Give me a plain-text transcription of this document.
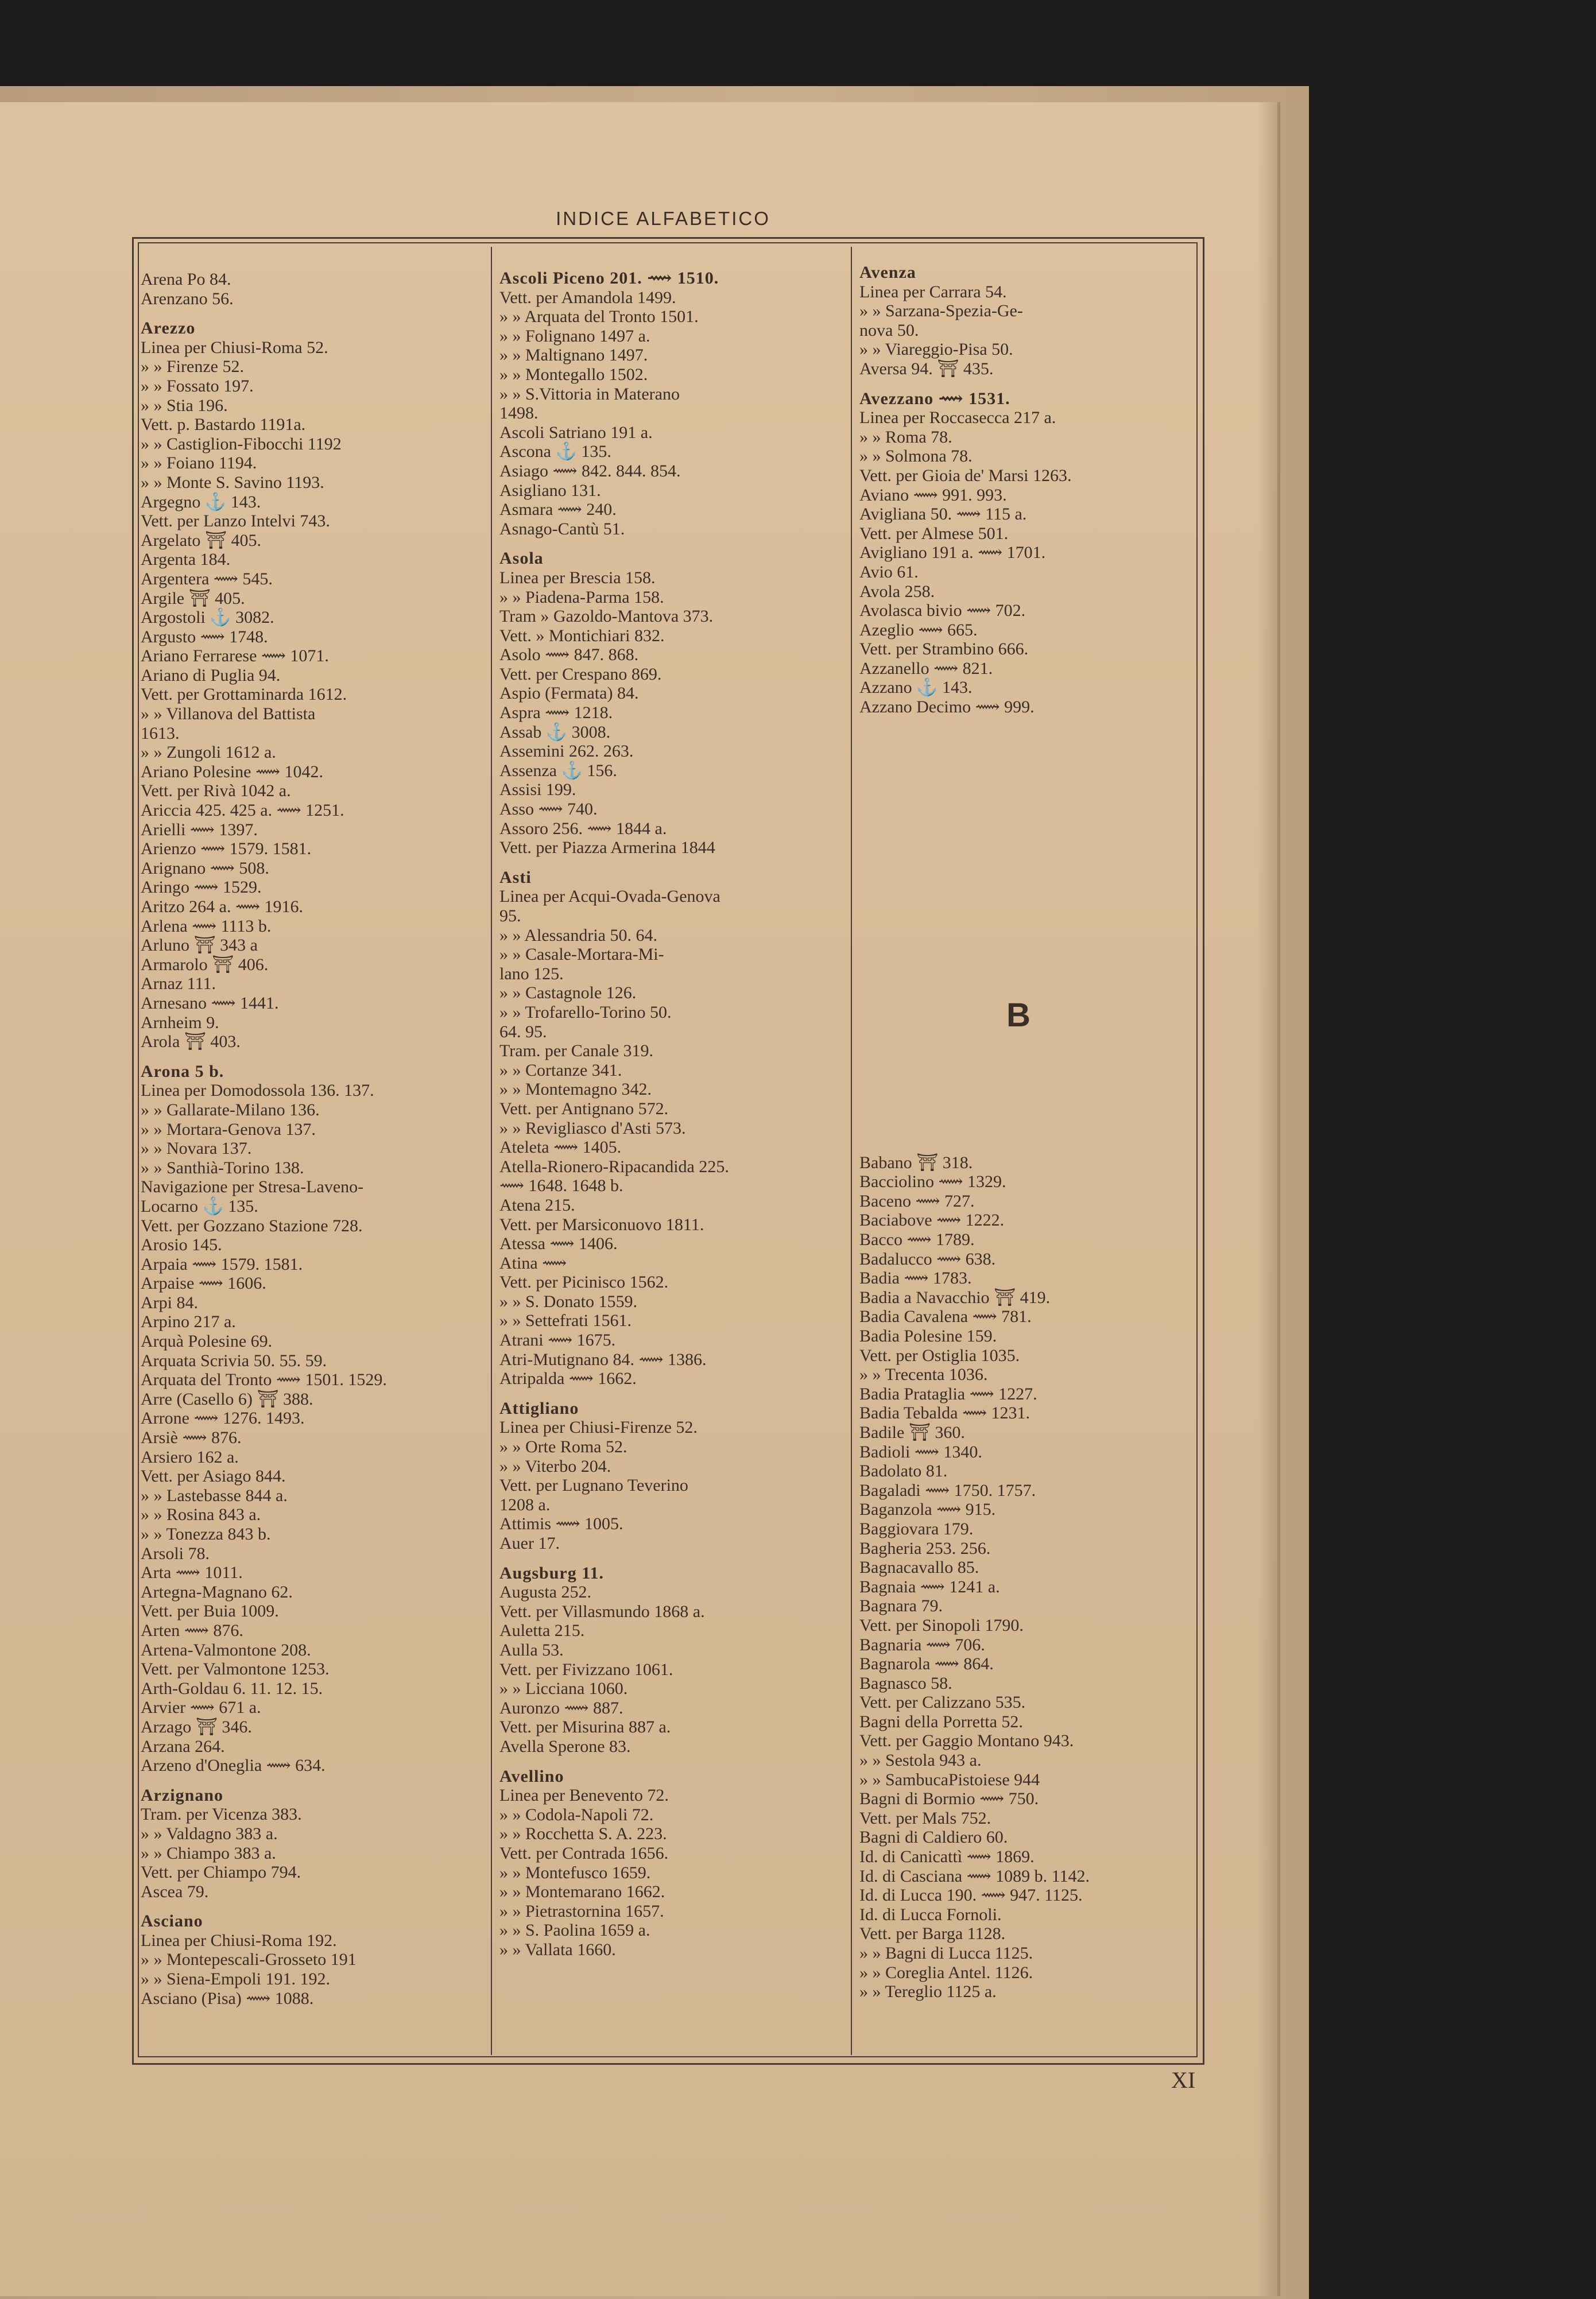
INDICE ALFABETICO
Arena Po 84.
Arenzano 56.
Arezzo
Linea per Chiusi-Roma 52.
» » Firenze 52.
» » Fossato 197.
» » Stia 196.
Vett. p. Bastardo 1191a.
» » Castiglion-Fibocchi 1192
» » Foiano 1194.
» » Monte S. Savino 1193.
Argegno ⚓ 143.
Vett. per Lanzo Intelvi 743.
Argelato ⛩ 405.
Argenta 184.
Argentera ⟿ 545.
Argile ⛩ 405.
Argostoli ⚓ 3082.
Argusto ⟿ 1748.
Ariano Ferrarese ⟿ 1071.
Ariano di Puglia 94.
Vett. per Grottaminarda 1612.
» » Villanova del Battista
1613.
» » Zungoli 1612 a.
Ariano Polesine ⟿ 1042.
Vett. per Rivà 1042 a.
Ariccia 425. 425 a. ⟿ 1251.
Arielli ⟿ 1397.
Arienzo ⟿ 1579. 1581.
Arignano ⟿ 508.
Aringo ⟿ 1529.
Aritzo 264 a. ⟿ 1916.
Arlena ⟿ 1113 b.
Arluno ⛩ 343 a
Armarolo ⛩ 406.
Arnaz 111.
Arnesano ⟿ 1441.
Arnheim 9.
Arola ⛩ 403.
Arona 5 b.
Linea per Domodossola 136. 137.
» » Gallarate-Milano 136.
» » Mortara-Genova 137.
» » Novara 137.
» » Santhià-Torino 138.
Navigazione per Stresa-Laveno-
Locarno ⚓ 135.
Vett. per Gozzano Stazione 728.
Arosio 145.
Arpaia ⟿ 1579. 1581.
Arpaise ⟿ 1606.
Arpi 84.
Arpino 217 a.
Arquà Polesine 69.
Arquata Scrivia 50. 55. 59.
Arquata del Tronto ⟿ 1501. 1529.
Arre (Casello 6) ⛩ 388.
Arrone ⟿ 1276. 1493.
Arsiè ⟿ 876.
Arsiero 162 a.
Vett. per Asiago 844.
» » Lastebasse 844 a.
» » Rosina 843 a.
» » Tonezza 843 b.
Arsoli 78.
Arta ⟿ 1011.
Artegna-Magnano 62.
Vett. per Buia 1009.
Arten ⟿ 876.
Artena-Valmontone 208.
Vett. per Valmontone 1253.
Arth-Goldau 6. 11. 12. 15.
Arvier ⟿ 671 a.
Arzago ⛩ 346.
Arzana 264.
Arzeno d'Oneglia ⟿ 634.
Arzignano
Tram. per Vicenza 383.
» » Valdagno 383 a.
» » Chiampo 383 a.
Vett. per Chiampo 794.
Ascea 79.
Asciano
Linea per Chiusi-Roma 192.
» » Montepescali-Grosseto 191
» » Siena-Empoli 191. 192.
Asciano (Pisa) ⟿ 1088.
Ascoli Piceno 201. ⟿ 1510.
Vett. per Amandola 1499.
» » Arquata del Tronto 1501.
» » Folignano 1497 a.
» » Maltignano 1497.
» » Montegallo 1502.
» » S.Vittoria in Materano
1498.
Ascoli Satriano 191 a.
Ascona ⚓ 135.
Asiago ⟿ 842. 844. 854.
Asigliano 131.
Asmara ⟿ 240.
Asnago-Cantù 51.
Asola
Linea per Brescia 158.
» » Piadena-Parma 158.
Tram » Gazoldo-Mantova 373.
Vett. » Montichiari 832.
Asolo ⟿ 847. 868.
Vett. per Crespano 869.
Aspio (Fermata) 84.
Aspra ⟿ 1218.
Assab ⚓ 3008.
Assemini 262. 263.
Assenza ⚓ 156.
Assisi 199.
Asso ⟿ 740.
Assoro 256. ⟿ 1844 a.
Vett. per Piazza Armerina 1844
Asti
Linea per Acqui-Ovada-Genova
95.
» » Alessandria 50. 64.
» » Casale-Mortara-Mi-
lano 125.
» » Castagnole 126.
» » Trofarello-Torino 50.
64. 95.
Tram. per Canale 319.
» » Cortanze 341.
» » Montemagno 342.
Vett. per Antignano 572.
» » Revigliasco d'Asti 573.
Ateleta ⟿ 1405.
Atella-Rionero-Ripacandida 225.
⟿ 1648. 1648 b.
Atena 215.
Vett. per Marsiconuovo 1811.
Atessa ⟿ 1406.
Atina ⟿
Vett. per Picinisco 1562.
» » S. Donato 1559.
» » Settefrati 1561.
Atrani ⟿ 1675.
Atri-Mutignano 84. ⟿ 1386.
Atripalda ⟿ 1662.
Attigliano
Linea per Chiusi-Firenze 52.
» » Orte Roma 52.
» » Viterbo 204.
Vett. per Lugnano Teverino
1208 a.
Attimis ⟿ 1005.
Auer 17.
Augsburg 11.
Augusta 252.
Vett. per Villasmundo 1868 a.
Auletta 215.
Aulla 53.
Vett. per Fivizzano 1061.
» » Licciana 1060.
Auronzo ⟿ 887.
Vett. per Misurina 887 a.
Avella Sperone 83.
Avellino
Linea per Benevento 72.
» » Codola-Napoli 72.
» » Rocchetta S. A. 223.
Vett. per Contrada 1656.
» » Montefusco 1659.
» » Montemarano 1662.
» » Pietrastornina 1657.
» » S. Paolina 1659 a.
» » Vallata 1660.
Avenza
Linea per Carrara 54.
» » Sarzana-Spezia-Ge-
nova 50.
» » Viareggio-Pisa 50.
Aversa 94. ⛩ 435.
Avezzano ⟿ 1531.
Linea per Roccasecca 217 a.
» » Roma 78.
» » Solmona 78.
Vett. per Gioia de' Marsi 1263.
Aviano ⟿ 991. 993.
Avigliana 50. ⟿ 115 a.
Vett. per Almese 501.
Avigliano 191 a. ⟿ 1701.
Avio 61.
Avola 258.
Avolasca bivio ⟿ 702.
Azeglio ⟿ 665.
Vett. per Strambino 666.
Azzanello ⟿ 821.
Azzano ⚓ 143.
Azzano Decimo ⟿ 999.
Babano ⛩ 318.
Bacciolino ⟿ 1329.
Baceno ⟿ 727.
Baciabove ⟿ 1222.
Bacco ⟿ 1789.
Badalucco ⟿ 638.
Badia ⟿ 1783.
Badia a Navacchio ⛩ 419.
Badia Cavalena ⟿ 781.
Badia Polesine 159.
Vett. per Ostiglia 1035.
» » Trecenta 1036.
Badia Prataglia ⟿ 1227.
Badia Tebalda ⟿ 1231.
Badile ⛩ 360.
Badioli ⟿ 1340.
Badolato 81.
Bagaladi ⟿ 1750. 1757.
Baganzola ⟿ 915.
Baggiovara 179.
Bagheria 253. 256.
Bagnacavallo 85.
Bagnaia ⟿ 1241 a.
Bagnara 79.
Vett. per Sinopoli 1790.
Bagnaria ⟿ 706.
Bagnarola ⟿ 864.
Bagnasco 58.
Vett. per Calizzano 535.
Bagni della Porretta 52.
Vett. per Gaggio Montano 943.
» » Sestola 943 a.
» » SambucaPistoiese 944
Bagni di Bormio ⟿ 750.
Vett. per Mals 752.
Bagni di Caldiero 60.
Id. di Canicattì ⟿ 1869.
Id. di Casciana ⟿ 1089 b. 1142.
Id. di Lucca 190. ⟿ 947. 1125.
Id. di Lucca Fornoli.
Vett. per Barga 1128.
» » Bagni di Lucca 1125.
» » Coreglia Antel. 1126.
» » Tereglio 1125 a.
B
XI
